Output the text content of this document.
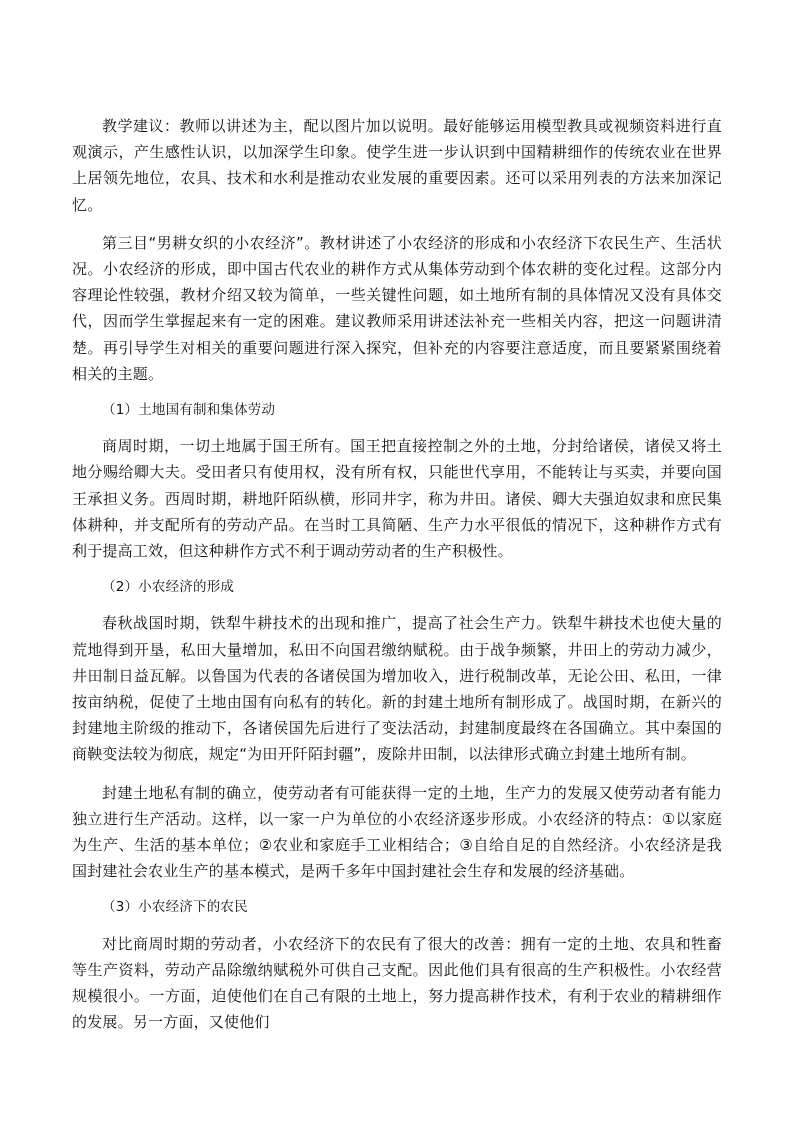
教学建议：教师以讲述为主，配以图片加以说明。最好能够运用模型教具或视频资料进行直观演示，产生感性认识，以加深学生印象。使学生进一步认识到中国精耕细作的传统农业在世界上居领先地位，农具、技术和水利是推动农业发展的重要因素。还可以采用列表的方法来加深记忆。

第三目“男耕女织的小农经济”。教材讲述了小农经济的形成和小农经济下农民生产、生活状况。小农经济的形成，即中国古代农业的耕作方式从集体劳动到个体农耕的变化过程。这部分内容理论性较强，教材介绍又较为简单，一些关键性问题，如土地所有制的具体情况又没有具体交代，因而学生掌握起来有一定的困难。建议教师采用讲述法补充一些相关内容，把这一问题讲清楚。再引导学生对相关的重要问题进行深入探究，但补充的内容要注意适度，而且要紧紧围绕着相关的主题。

（1）土地国有制和集体劳动

商周时期，一切土地属于国王所有。国王把直接控制之外的土地，分封给诸侯，诸侯又将土地分赐给卿大夫。受田者只有使用权，没有所有权，只能世代享用，不能转让与买卖，并要向国王承担义务。西周时期，耕地阡陌纵横，形同井字，称为井田。诸侯、卿大夫强迫奴隶和庶民集体耕种，并支配所有的劳动产品。在当时工具简陋、生产力水平很低的情况下，这种耕作方式有利于提高工效，但这种耕作方式不利于调动劳动者的生产积极性。

（2）小农经济的形成

春秋战国时期，铁犁牛耕技术的出现和推广，提高了社会生产力。铁犁牛耕技术也使大量的荒地得到开垦，私田大量增加，私田不向国君缴纳赋税。由于战争频繁，井田上的劳动力减少，井田制日益瓦解。以鲁国为代表的各诸侯国为增加收入，进行税制改革，无论公田、私田，一律按亩纳税，促使了土地由国有向私有的转化。新的封建土地所有制形成了。战国时期，在新兴的封建地主阶级的推动下，各诸侯国先后进行了变法活动，封建制度最终在各国确立。其中秦国的商鞅变法较为彻底，规定“为田开阡陌封疆”，废除井田制，以法律形式确立封建土地所有制。

封建土地私有制的确立，使劳动者有可能获得一定的土地，生产力的发展又使劳动者有能力独立进行生产活动。这样，以一家一户为单位的小农经济逐步形成。小农经济的特点：①以家庭为生产、生活的基本单位；②农业和家庭手工业相结合；③自给自足的自然经济。小农经济是我国封建社会农业生产的基本模式，是两千多年中国封建社会生存和发展的经济基础。

（3）小农经济下的农民

对比商周时期的劳动者，小农经济下的农民有了很大的改善：拥有一定的土地、农具和牲畜等生产资料，劳动产品除缴纳赋税外可供自己支配。因此他们具有很高的生产积极性。小农经营规模很小。一方面，迫使他们在自己有限的土地上，努力提高耕作技术，有利于农业的精耕细作的发展。另一方面，又使他们
